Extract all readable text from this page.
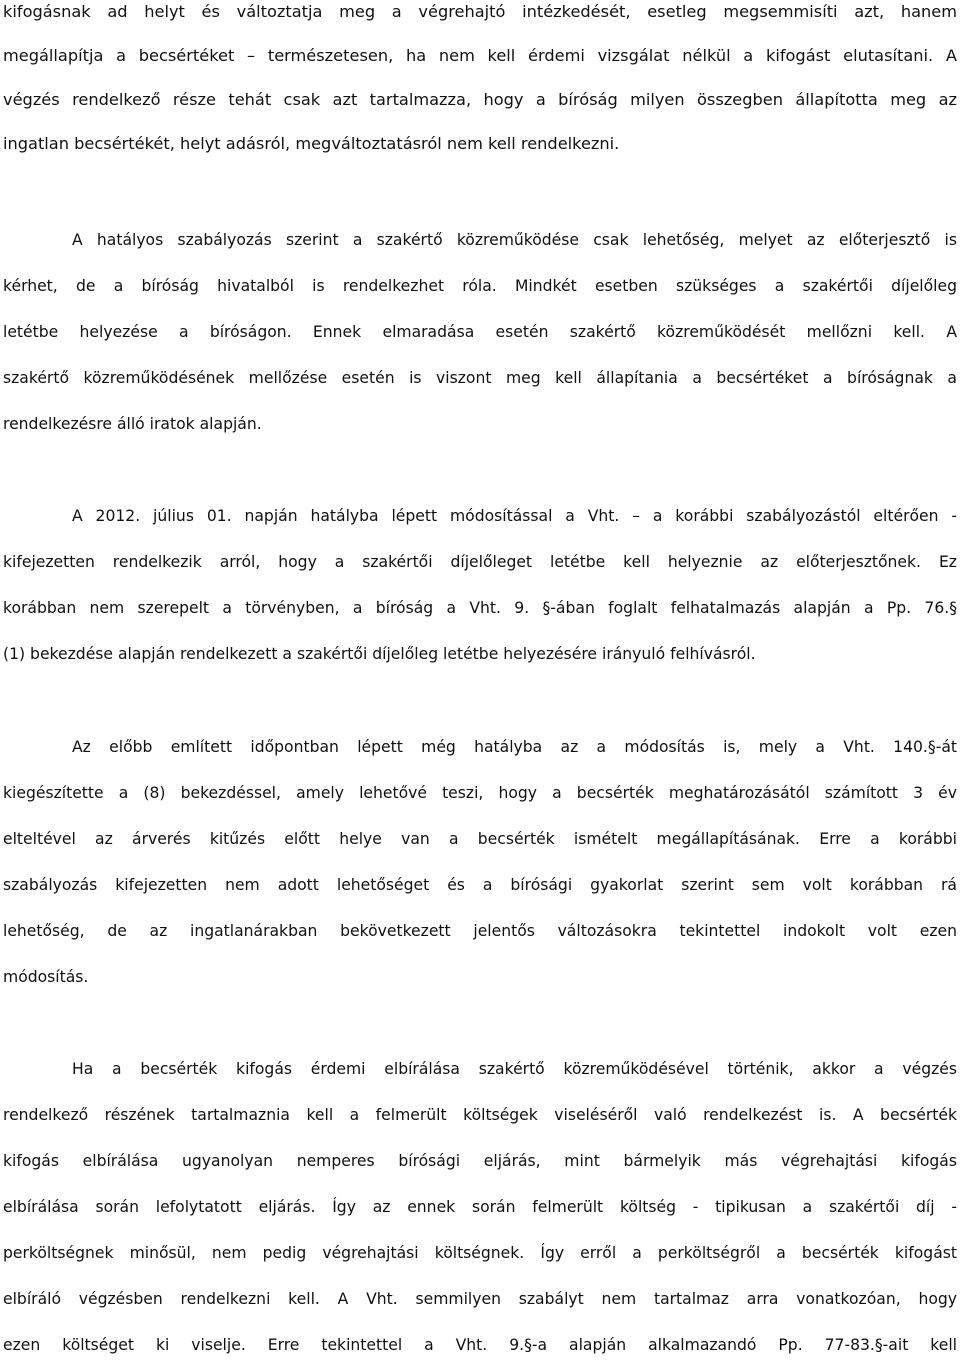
kifogásnak ad helyt és változtatja meg a végrehajtó intézkedését, esetleg megsemmisíti azt, hanem
megállapítja a becsértéket – természetesen, ha nem kell érdemi vizsgálat nélkül a kifogást elutasítani. A
végzés rendelkező része tehát csak azt tartalmazza, hogy a bíróság milyen összegben állapította meg az
ingatlan becsértékét, helyt adásról, megváltoztatásról nem kell rendelkezni.
A hatályos szabályozás szerint a szakértő közreműködése csak lehetőség, melyet az előterjesztő is
kérhet, de a bíróság hivatalból is rendelkezhet róla. Mindkét esetben szükséges a szakértői díjelőleg
letétbe helyezése a bíróságon. Ennek elmaradása esetén szakértő közreműködését mellőzni kell. A
szakértő közreműködésének mellőzése esetén is viszont meg kell állapítania a becsértéket a bíróságnak a
rendelkezésre álló iratok alapján.
A 2012. július 01. napján hatályba lépett módosítással a Vht. – a korábbi szabályozástól eltérően -
kifejezetten rendelkezik arról, hogy a szakértői díjelőleget letétbe kell helyeznie az előterjesztőnek. Ez
korábban nem szerepelt a törvényben, a bíróság a Vht. 9. §-ában foglalt felhatalmazás alapján a Pp. 76.§
(1) bekezdése alapján rendelkezett a szakértői díjelőleg letétbe helyezésére irányuló felhívásról.
Az előbb említett időpontban lépett még hatályba az a módosítás is, mely a Vht. 140.§-át
kiegészítette a (8) bekezdéssel, amely lehetővé teszi, hogy a becsérték meghatározásától számított 3 év
elteltével az árverés kitűzés előtt helye van a becsérték ismételt megállapításának. Erre a korábbi
szabályozás kifejezetten nem adott lehetőséget és a bírósági gyakorlat szerint sem volt korábban rá
lehetőség, de az ingatlanárakban bekövetkezett jelentős változásokra tekintettel indokolt volt ezen
módosítás.
Ha a becsérték kifogás érdemi elbírálása szakértő közreműködésével történik, akkor a végzés
rendelkező részének tartalmaznia kell a felmerült költségek viseléséről való rendelkezést is. A becsérték
kifogás elbírálása ugyanolyan nemperes bírósági eljárás, mint bármelyik más végrehajtási kifogás
elbírálása során lefolytatott eljárás. Így az ennek során felmerült költség - tipikusan a szakértői díj -
perköltségnek minősül, nem pedig végrehajtási költségnek. Így erről a perköltségről a becsérték kifogást
elbíráló végzésben rendelkezni kell. A Vht. semmilyen szabályt nem tartalmaz arra vonatkozóan, hogy
ezen költséget ki viselje. Erre tekintettel a Vht. 9.§-a alapján alkalmazandó Pp. 77-83.§-ait kell
